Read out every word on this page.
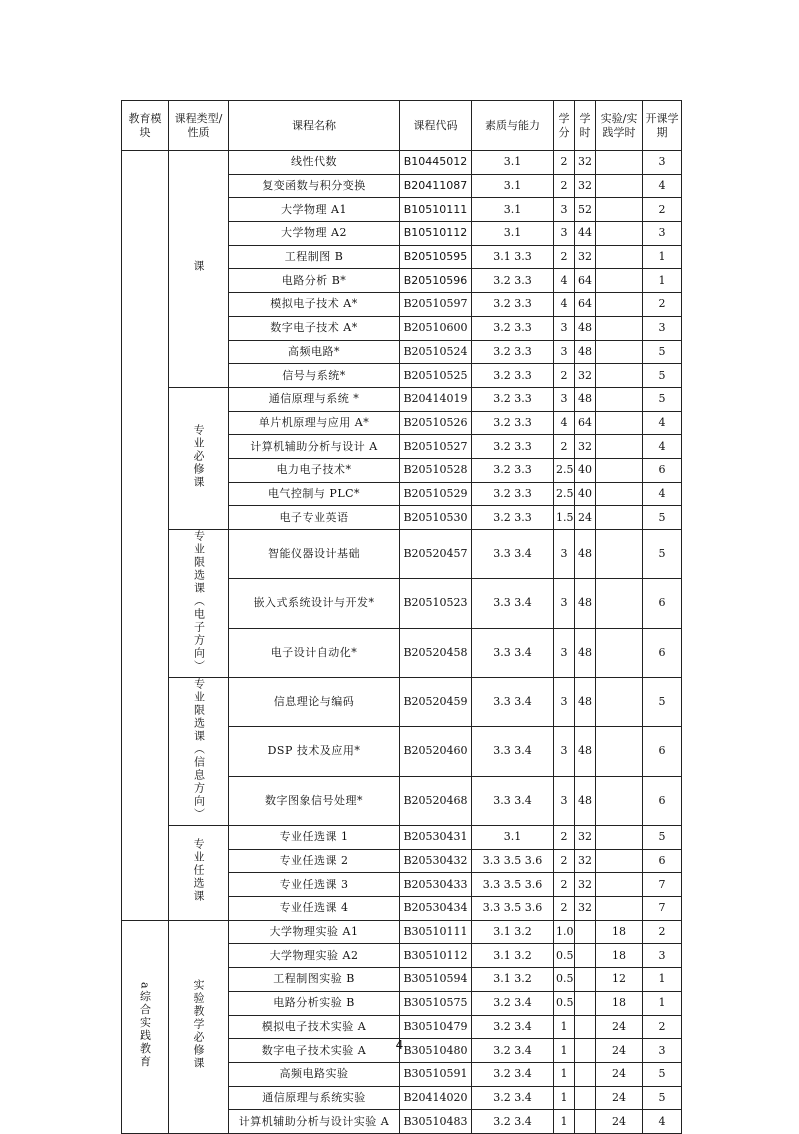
教育模块	课程类型/性质	课程名称	课程代码	素质与能力	学分	学时	实验/实践学时	开课学期
	课	线性代数	B10445012	3.1	2	32		3
		复变函数与积分变换	B20411087	3.1	2	32		4
		大学物理 A1	B10510111	3.1	3	52		2
		大学物理 A2	B10510112	3.1	3	44		3
		工程制图 B	B20510595	3.1 3.3	2	32		1
		电路分析 B*	B20510596	3.2 3.3	4	64		1
		模拟电子技术 A*	B20510597	3.2 3.3	4	64		2
		数字电子技术 A*	B20510600	3.2 3.3	3	48		3
		高频电路*	B20510524	3.2 3.3	3	48		5
		信号与系统*	B20510525	3.2 3.3	2	32		5
	专业必修课	通信原理与系统 *	B20414019	3.2 3.3	3	48		5
		单片机原理与应用 A*	B20510526	3.2 3.3	4	64		4
		计算机辅助分析与设计 A	B20510527	3.2 3.3	2	32		4
		电力电子技术*	B20510528	3.2 3.3	2.5	40		6
		电气控制与 PLC*	B20510529	3.2 3.3	2.5	40		4
		电子专业英语	B20510530	3.2 3.3	1.5	24		5
	专业限选课（电子方向）	智能仪器设计基础	B20520457	3.3 3.4	3	48		5
		嵌入式系统设计与开发*	B20510523	3.3 3.4	3	48		6
		电子设计自动化*	B20520458	3.3 3.4	3	48		6
	专业限选课（信息方向）	信息理论与编码	B20520459	3.3 3.4	3	48		5
		DSP 技术及应用*	B20520460	3.3 3.4	3	48		6
		数字图象信号处理*	B20520468	3.3 3.4	3	48		6
	专业任选课	专业任选课 1	B20530431	3.1	2	32		5
		专业任选课 2	B20530432	3.3 3.5 3.6	2	32		6
		专业任选课 3	B20530433	3.3 3.5 3.6	2	32		7
		专业任选课 4	B20530434	3.3 3.5 3.6	2	32		7
a综合实践教育	实验教学必修课	大学物理实验 A1	B30510111	3.1 3.2	1.0		18	2
		大学物理实验 A2	B30510112	3.1 3.2	0.5		18	3
		工程制图实验 B	B30510594	3.1 3.2	0.5		12	1
		电路分析实验 B	B30510575	3.2 3.4	0.5		18	1
		模拟电子技术实验 A	B30510479	3.2 3.4	1		24	2
		数字电子技术实验 A	B30510480	3.2 3.4	1		24	3
		高频电路实验	B30510591	3.2 3.4	1		24	5
		通信原理与系统实验	B20414020	3.2 3.4	1		24	5
		计算机辅助分析与设计实验 A	B30510483	3.2 3.4	1		24	4
4
